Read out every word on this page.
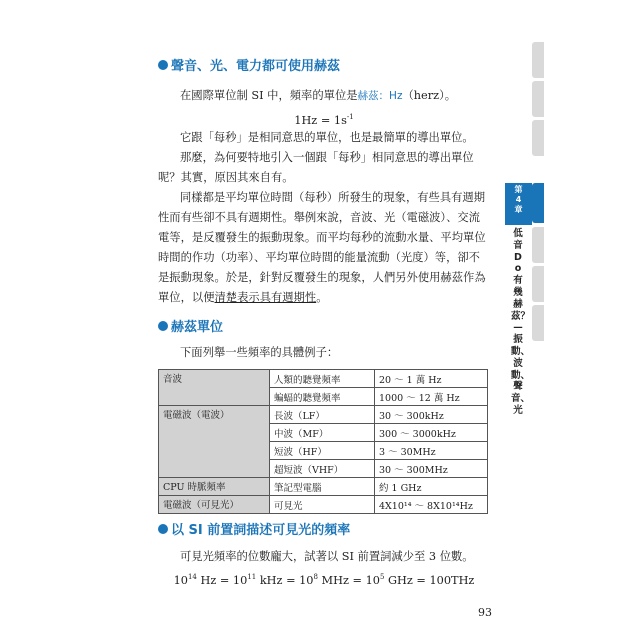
聲音、光、電力都可使用赫茲
在國際單位制 SI 中，頻率的單位是赫茲：Hz（herz）。
$1Hz = 1s^{-1}$
它跟「每秒」是相同意思的單位，也是最簡單的導出單位。
那麼，為何要特地引入一個跟「每秒」相同意思的導出單位呢？其實，原因其來自有。
同樣都是平均單位時間（每秒）所發生的現象，有些具有週期性而有些卻不具有週期性。舉例來說，音波、光（電磁波）、交流電等，是反覆發生的振動現象。而平均每秒的流動水量、平均單位時間的作功（功率）、平均單位時間的能量流動（光度）等，卻不是振動現象。於是，針對反覆發生的現象，人們另外使用赫茲作為單位，以便清楚表示具有週期性。
赫茲單位
下面列舉一些頻率的具體例子：
音波	人類的聽覺頻率	20 ～ 1 萬 Hz
	蝙蝠的聽覺頻率	1000 ～ 12 萬 Hz
電磁波（電波）	長波（LF）	30 ～ 300kHz
	中波（MF）	300 ～ 3000kHz
	短波（HF）	3 ～ 30MHz
	超短波（VHF）	30 ～ 300MHz
CPU 時脈頻率	筆記型電腦	約 1 GHz
電磁波（可見光）	可見光	4X10¹⁴ ～ 8X10¹⁴Hz
以 SI 前置詞描述可見光的頻率
可見光頻率的位數龐大，試著以 SI 前置詞減少至 3 位數。
$10^{14}$ $Hz = 10^{11}$ kHz = $10^8$ MHz = $10^5$ GHz = 100THz
第
4
章
低音Do有幾赫茲？—振動、波動、聲音、光
93
